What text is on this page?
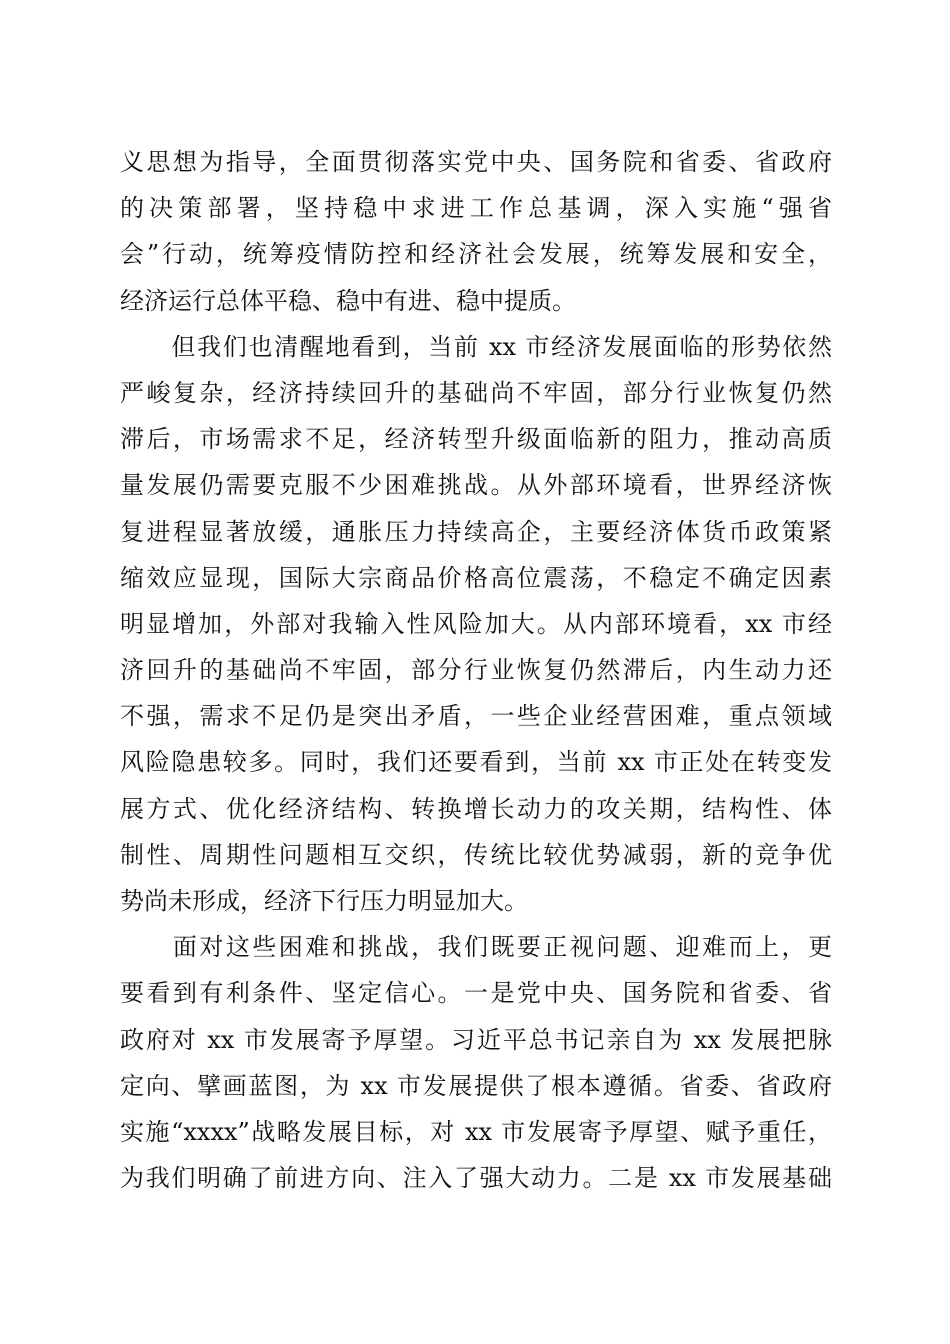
义思想为指导，全面贯彻落实党中央、国务院和省委、省政府
的决策部署，坚持稳中求进工作总基调，深入实施“强省
会”行动，统筹疫情防控和经济社会发展，统筹发展和安全，
经济运行总体平稳、稳中有进、稳中提质。
　　但我们也清醒地看到，当前 xx 市经济发展面临的形势依然
严峻复杂，经济持续回升的基础尚不牢固，部分行业恢复仍然
滞后，市场需求不足，经济转型升级面临新的阻力，推动高质
量发展仍需要克服不少困难挑战。从外部环境看，世界经济恢
复进程显著放缓，通胀压力持续高企，主要经济体货币政策紧
缩效应显现，国际大宗商品价格高位震荡，不稳定不确定因素
明显增加，外部对我输入性风险加大。从内部环境看，xx 市经
济回升的基础尚不牢固，部分行业恢复仍然滞后，内生动力还
不强，需求不足仍是突出矛盾，一些企业经营困难，重点领域
风险隐患较多。同时，我们还要看到，当前 xx 市正处在转变发
展方式、优化经济结构、转换增长动力的攻关期，结构性、体
制性、周期性问题相互交织，传统比较优势减弱，新的竞争优
势尚未形成，经济下行压力明显加大。
　　面对这些困难和挑战，我们既要正视问题、迎难而上，更
要看到有利条件、坚定信心。一是党中央、国务院和省委、省
政府对 xx 市发展寄予厚望。习近平总书记亲自为 xx 发展把脉
定向、擘画蓝图，为 xx 市发展提供了根本遵循。省委、省政府
实施“xxxx”战略发展目标，对 xx 市发展寄予厚望、赋予重任，
为我们明确了前进方向、注入了强大动力。二是 xx 市发展基础
